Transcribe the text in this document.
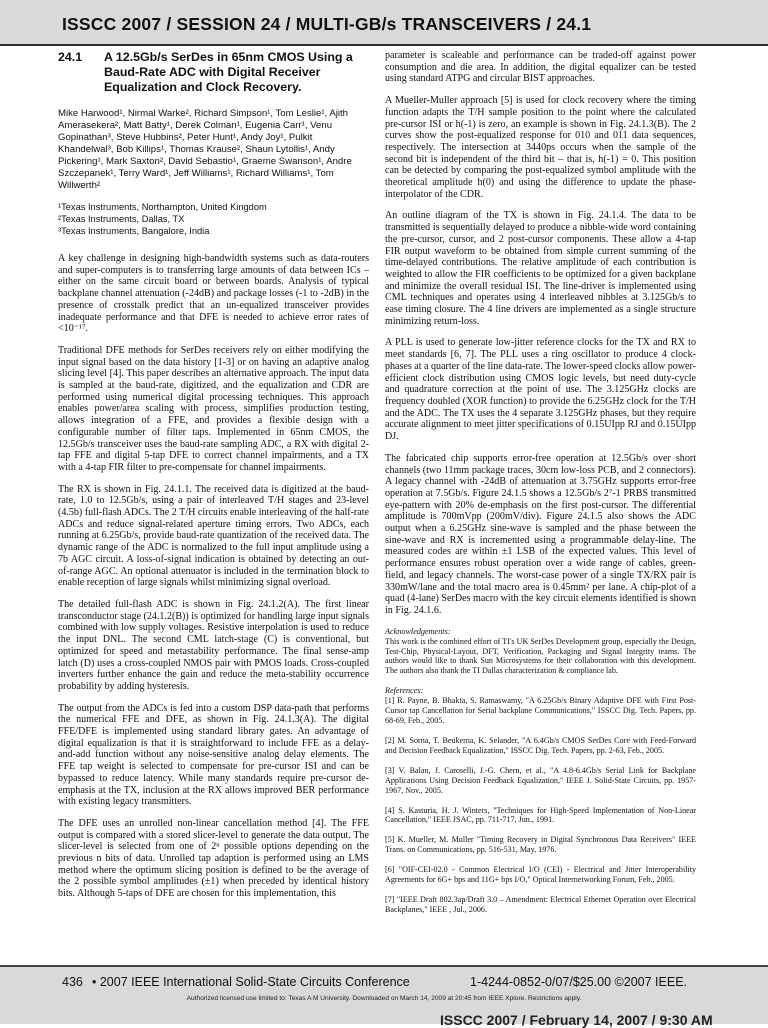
ISSCC 2007 / SESSION 24 / MULTI-GB/s TRANSCEIVERS / 24.1
24.1	A 12.5Gb/s SerDes in 65nm CMOS Using a Baud-Rate ADC with Digital Receiver Equalization and Clock Recovery.
Mike Harwood¹, Nirmal Warke², Richard Simpson¹, Tom Leslie¹, Ajith Amerasekera², Matt Batty¹, Derek Colman¹, Eugenia Carr¹, Venu Gopinathan³, Steve Hubbins², Peter Hunt¹, Andy Joy¹, Pulkit Khandelwal³, Bob Killips¹, Thomas Krause², Shaun Lytollis¹, Andy Pickering¹, Mark Saxton², David Sebastio¹, Graeme Swanson¹, Andre Szczepanek¹, Terry Ward¹, Jeff Williams¹, Richard Williams¹, Tom Willwerth²
¹Texas Instruments, Northampton, United Kingdom
²Texas Instruments, Dallas, TX
³Texas Instruments, Bangalore, India

A key challenge in designing high-bandwidth systems such as data-routers and super-computers is to transferring large amounts of data between ICs – either on the same circuit board or between boards. Analysis of typical backplane channel attenuation (-24dB) and package losses (-1 to -2dB) in the presence of crosstalk predict that an un-equalized transceiver provides inadequate performance and that DFE is needed to achieve error rates of <10⁻¹⁷.

Traditional DFE methods for SerDes receivers rely on either modifying the input signal based on the data history [1-3] or on having an adaptive analog slicing level [4]. This paper describes an alternative approach. The input data is sampled at the baud-rate, digitized, and the equalization and CDR are performed using numerical digital processing techniques. This approach enables power/area scaling with process, simplifies production testing, allows integration of a FFE, and provides a flexible design with a configurable number of filter taps. Implemented in 65nm CMOS, the 12.5Gb/s transceiver uses the baud-rate sampling ADC, a RX with digital 2-tap FFE and digital 5-tap DFE to correct channel impairments, and a TX with a 4-tap FIR filter to pre-compensate for channel impairments.

The RX is shown in Fig. 24.1.1. The received data is digitized at the baud-rate, 1.0 to 12.5Gb/s, using a pair of interleaved T/H stages and 23-level (4.5b) full-flash ADCs. The 2 T/H circuits enable interleaving of the half-rate ADCs and reduce signal-related aperture timing errors. Two ADCs, each running at 6.25Gb/s, provide baud-rate quantization of the received data. The dynamic range of the ADC is normalized to the full input amplitude using a 7b AGC circuit. A loss-of-signal indication is obtained by detecting an out-of-range AGC. An optional attenuator is included in the termination block to enable reception of large signals whilst minimizing signal overload.

The detailed full-flash ADC is shown in Fig. 24.1.2(A). The first linear transconductor stage (24.1.2(B)) is optimized for handling large input signals combined with low supply voltages. Resistive interpolation is used to reduce the input DNL. The second CML latch-stage (C) is conventional, but optimized for speed and metastability performance. The final sense-amp latch (D) uses a cross-coupled NMOS pair with PMOS loads. Cross-coupled inverters further enhance the gain and reduce the meta-stability occurrence probability by adding hysteresis.

The output from the ADCs is fed into a custom DSP data-path that performs the numerical FFE and DFE, as shown in Fig. 24.1.3(A). The digital FFE/DFE is implemented using standard library gates. An advantage of digital equalization is that it is straightforward to include FFE as a delay-and-add function without any noise-sensitive analog delay elements. The FFE tap weight is selected to compensate for pre-cursor ISI and can be bypassed to reduce latency. While many standards require pre-cursor de-emphasis at the TX, inclusion at the RX allows improved BER performance with existing legacy transmitters.

The DFE uses an unrolled non-linear cancellation method [4]. The FFE output is compared with a stored slicer-level to generate the data output. The slicer-level is selected from one of 2ⁿ possible options depending on the previous n bits of data. Unrolled tap adaption is performed using an LMS method where the optimum slicing position is defined to be the average of the 2 possible symbol amplitudes (±1) when preceded by identical history bits. Although 5-taps of DFE are chosen for this implementation, this

parameter is scaleable and performance can be traded-off against power consumption and die area. In addition, the digital equalizer can be tested using standard ATPG and circular BIST approaches.

A Mueller-Muller approach [5] is used for clock recovery where the timing function adapts the T/H sample position to the point where the calculated pre-cursor ISI or h(-1) is zero, an example is shown in Fig. 24.1.3(B). The 2 curves show the post-equalized response for 010 and 011 data sequences, respectively. The intersection at 3440ps occurs when the sample of the second bit is independent of the third bit – that is, h(-1) = 0. This position can be detected by comparing the post-equalized symbol amplitude with the theoretical amplitude h(0) and using the difference to update the phase-interpolator of the CDR.

An outline diagram of the TX is shown in Fig. 24.1.4. The data to be transmitted is sequentially delayed to produce a nibble-wide word containing the pre-cursor, cursor, and 2 post-cursor components. These allow a 4-tap FIR output waveform to be obtained from simple current summing of the time-delayed contributions. The relative amplitude of each contribution is weighted to allow the FIR coefficients to be optimized for a given backplane and minimize the overall residual ISI. The line-driver is implemented using CML techniques and operates using 4 interleaved nibbles at 3.125Gb/s to ease timing closure. The 4 line drivers are implemented as a single structure minimizing return-loss.

A PLL is used to generate low-jitter reference clocks for the TX and RX to meet standards [6, 7]. The PLL uses a ring oscillator to produce 4 clock-phases at a quarter of the line data-rate. The lower-speed clocks allow power-efficient clock distribution using CMOS logic levels, but need duty-cycle and quadrature correction at the point of use. The 3.125GHz clocks are frequency doubled (XOR function) to provide the 6.25GHz clock for the T/H and the ADC. The TX uses the 4 separate 3.125GHz phases, but they require accurate alignment to meet jitter specifications of 0.15UIpp RJ and 0.15UIpp DJ.

The fabricated chip supports error-free operation at 12.5Gb/s over short channels (two 11mm package traces, 30cm low-loss PCB, and 2 connectors). A legacy channel with -24dB of attenuation at 3.75GHz supports error-free operation at 7.5Gb/s. Figure 24.1.5 shows a 12.5Gb/s 2⁷-1 PRBS transmitted eye-pattern with 20% de-emphasis on the first post-cursor. The differential amplitude is 700mVpp (200mV/div). Figure 24.1.5 also shows the ADC output when a 6.25GHz sine-wave is sampled and the phase between the sine-wave and RX is incremented using a programmable delay-line. The measured codes are within ±1 LSB of the expected values. This level of performance ensures robust operation over a wide range of cables, green-field, and legacy channels. The worst-case power of a single TX/RX pair is 330mW/lane and the total macro area is 0.45mm² per lane. A chip-plot of a quad (4-lane) SerDes macro with the key circuit elements identified is shown in Fig. 24.1.6.

Acknowledgements:
This work is the combined effort of TI's UK SerDes Development group, especially the Design, Test-Chip, Physical-Layout, DFT, Verification, Packaging and Signal Integrity teams. The authors would like to thank Sun Microsystems for their collaboration with this development. The authors also thank the TI Dallas characterization & compliance lab.
References:

[1] R. Payne, B. Bhakta, S. Ramaswamy, "A 6.25Gb/s Binary Adaptive DFE with First Post-Cursor tap Cancellation for Serial backplane Communications," ISSCC Dig. Tech. Papers, pp. 68-69, Feb., 2005.

[2] M. Sorna, T. Beukerna, K. Selander, "A 6.4Gb/s CMOS SerDes Core with Feed-Forward and Decision Feedback Equalization," ISSCC Dig. Tech. Papers, pp. 2-63, Feb., 2005.

[3] V. Balan, J. Caroselli, J.-G. Chern, et al., "A 4.8-6.4Gb/s Serial Link for Backplane Applications Using Decision Feedback Equalization," IEEE J. Solid-State Circuits, pp. 1957-1967, Nov., 2005.

[4] S. Kasturia, H. J. Winters, "Techniques for High-Speed Implementation of Non-Linear Cancellation," IEEE JSAC, pp. 711-717, Jun., 1991.

[5] K. Mueller, M. Muller "Timing Recovery in Digital Synchronous Data Receivers" IEEE Trans. on Communications, pp. 516-531, May, 1976.

[6] "OIF-CEI-02.0 - Common Electrical I/O (CEI) - Electrical and Jitter Interoperability Agreements for 6G+ bps and 11G+ bps I/O," Optical Internetworking Forum, Feb., 2005.

[7] "IEEE Draft 802.3ap/Draft 3.0 – Amendment: Electrical Ethernet Operation over Electrical Backplanes," IEEE , Jul., 2006.

436 • 2007 IEEE International Solid-State Circuits Conference	1-4244-0852-0/07/$25.00 ©2007 IEEE.
Authorized licensed use limited to: Texas A M University. Downloaded on March 14, 2009 at 20:45 from IEEE Xplore. Restrictions apply.
ISSCC 2007 / February 14, 2007 / 9:30 AM
